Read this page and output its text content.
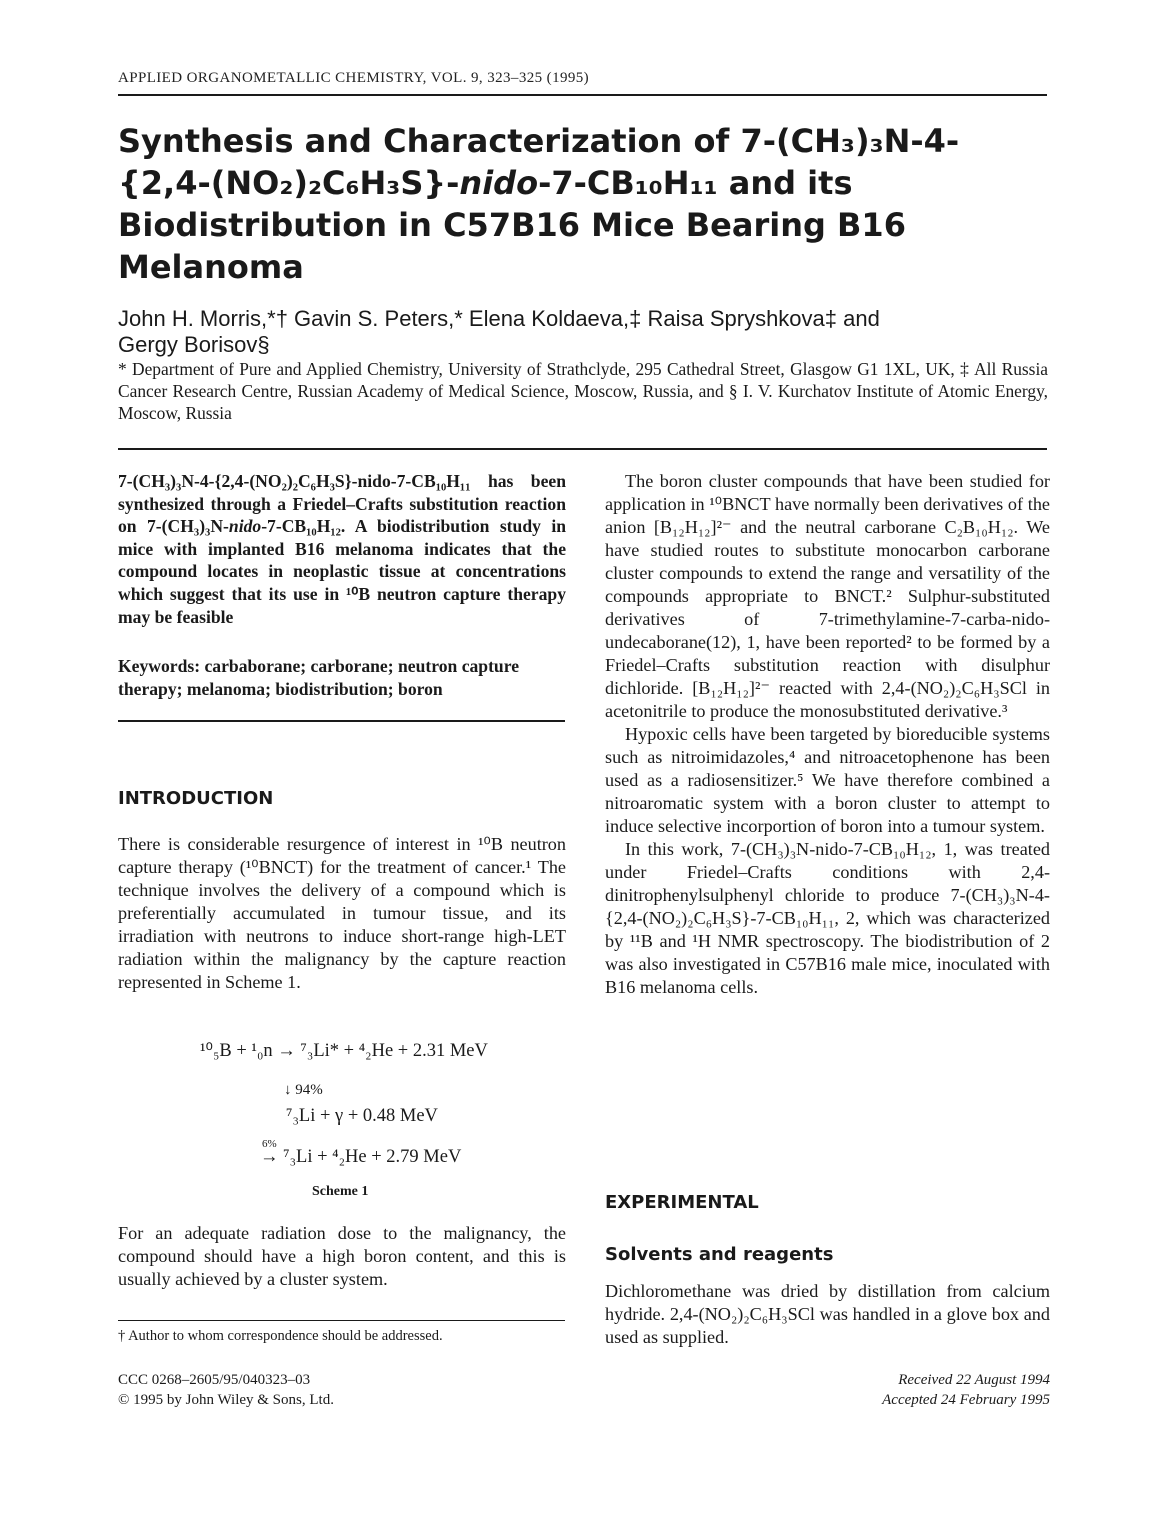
APPLIED ORGANOMETALLIC CHEMISTRY, VOL. 9, 323–325 (1995)
Synthesis and Characterization of 7-(CH₃)₃N-4-
{2,4-(NO₂)₂C₆H₃S}-nido-7-CB₁₀H₁₁ and its
Biodistribution in C57B16 Mice Bearing B16
Melanoma
John H. Morris,*† Gavin S. Peters,* Elena Koldaeva,‡ Raisa Spryshkova‡ and
Gergy Borisov§
* Department of Pure and Applied Chemistry, University of Strathclyde, 295 Cathedral Street, Glasgow G1 1XL, UK, ‡ All Russia Cancer Research Centre, Russian Academy of Medical Science, Moscow, Russia, and § I. V. Kurchatov Institute of Atomic Energy, Moscow, Russia
7-(CH₃)₃N-4-{2,4-(NO₂)₂C₆H₃S}-nido-7-CB₁₀H₁₁ has been synthesized through a Friedel–Crafts substitution reaction on 7-(CH₃)₃N-nido-7-CB₁₀H₁₂. A biodistribution study in mice with implanted B16 melanoma indicates that the compound locates in neoplastic tissue at concentrations which suggest that its use in ¹⁰B neutron capture therapy may be feasible
Keywords: carbaborane; carborane; neutron capture therapy; melanoma; biodistribution; boron
INTRODUCTION

There is considerable resurgence of interest in ¹⁰B neutron capture therapy (¹⁰BNCT) for the treatment of cancer.¹ The technique involves the delivery of a compound which is preferentially accumulated in tumour tissue, and its irradiation with neutrons to induce short-range high-LET radiation within the malignancy by the capture reaction represented in Scheme 1.

¹⁰₅B + ¹₀n → ⁷₃Li* + ⁴₂He + 2.31 MeV
↓ 94%
⁷₃Li + γ + 0.48 MeV
6%
→ ⁷₃Li + ⁴₂He + 2.79 MeV
Scheme 1

For an adequate radiation dose to the malignancy, the compound should have a high boron content, and this is usually achieved by a cluster system.

† Author to whom correspondence should be addressed.
CCC 0268–2605/95/040323–03
© 1995 by John Wiley & Sons, Ltd.

The boron cluster compounds that have been studied for application in ¹⁰BNCT have normally been derivatives of the anion [B₁₂H₁₂]²⁻ and the neutral carborane C₂B₁₀H₁₂. We have studied routes to substitute monocarbon carborane cluster compounds to extend the range and versatility of the compounds appropriate to BNCT.² Sulphur-substituted derivatives of 7-trimethylamine-7-carba-nido-undecaborane(12), 1, have been reported² to be formed by a Friedel–Crafts substitution reaction with disulphur dichloride. [B₁₂H₁₂]²⁻ reacted with 2,4-(NO₂)₂C₆H₃SCl in acetonitrile to produce the monosubstituted derivative.³

Hypoxic cells have been targeted by bioreducible systems such as nitroimidazoles,⁴ and nitroacetophenone has been used as a radiosensitizer.⁵ We have therefore combined a nitroaromatic system with a boron cluster to attempt to induce selective incorportion of boron into a tumour system.

In this work, 7-(CH₃)₃N-nido-7-CB₁₀H₁₂, 1, was treated under Friedel–Crafts conditions with 2,4-dinitrophenylsulphenyl chloride to produce 7-(CH₃)₃N-4-{2,4-(NO₂)₂C₆H₃S}-7-CB₁₀H₁₁, 2, which was characterized by ¹¹B and ¹H NMR spectroscopy. The biodistribution of 2 was also investigated in C57B16 male mice, inoculated with B16 melanoma cells.

EXPERIMENTAL
Solvents and reagents

Dichloromethane was dried by distillation from calcium hydride. 2,4-(NO₂)₂C₆H₃SCl was handled in a glove box and used as supplied.

Received 22 August 1994
Accepted 24 February 1995
